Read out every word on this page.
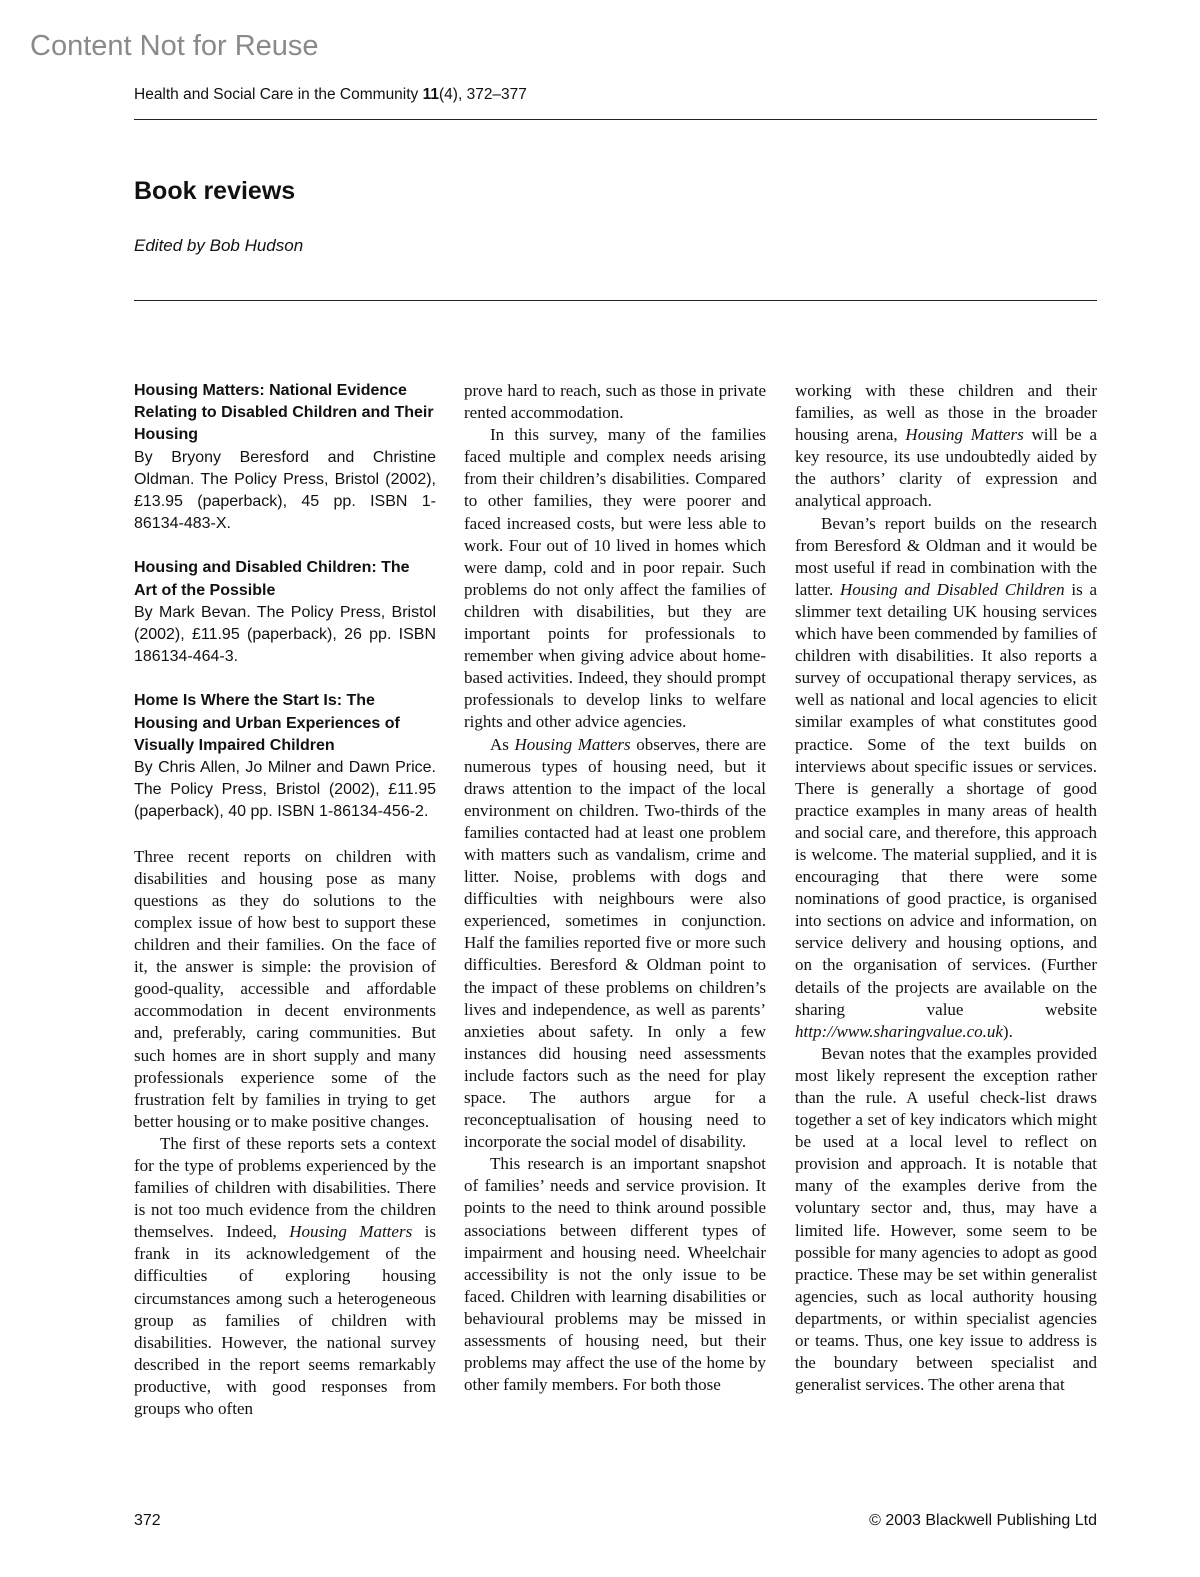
Content Not for Reuse
Health and Social Care in the Community 11(4), 372–377
Book reviews
Edited by Bob Hudson
Housing Matters: National Evidence Relating to Disabled Children and Their Housing
By Bryony Beresford and Christine Oldman. The Policy Press, Bristol (2002), £13.95 (paperback), 45 pp. ISBN 1-86134-483-X.
Housing and Disabled Children: The Art of the Possible
By Mark Bevan. The Policy Press, Bristol (2002), £11.95 (paperback), 26 pp. ISBN 186134-464-3.
Home Is Where the Start Is: The Housing and Urban Experiences of Visually Impaired Children
By Chris Allen, Jo Milner and Dawn Price. The Policy Press, Bristol (2002), £11.95 (paperback), 40 pp. ISBN 1-86134-456-2.

Three recent reports on children with disabilities and housing pose as many questions as they do solutions to the complex issue of how best to support these children and their families. On the face of it, the answer is simple: the provision of good-quality, accessible and affordable accommodation in decent environments and, preferably, caring communities. But such homes are in short supply and many professionals experience some of the frustration felt by families in trying to get better housing or to make positive changes.

The first of these reports sets a context for the type of problems experienced by the families of children with disabilities. There is not too much evidence from the children themselves. Indeed, Housing Matters is frank in its acknowledgement of the difficulties of exploring housing circumstances among such a heterogeneous group as families of children with disabilities. However, the national survey described in the report seems remarkably productive, with good responses from groups who often

prove hard to reach, such as those in private rented accommodation.

In this survey, many of the families faced multiple and complex needs arising from their children’s disabilities. Compared to other families, they were poorer and faced increased costs, but were less able to work. Four out of 10 lived in homes which were damp, cold and in poor repair. Such problems do not only affect the families of children with disabilities, but they are important points for professionals to remember when giving advice about home-based activities. Indeed, they should prompt professionals to develop links to welfare rights and other advice agencies.

As Housing Matters observes, there are numerous types of housing need, but it draws attention to the impact of the local environment on children. Two-thirds of the families contacted had at least one problem with matters such as vandalism, crime and litter. Noise, problems with dogs and difficulties with neighbours were also experienced, sometimes in conjunction. Half the families reported five or more such difficulties. Beresford & Oldman point to the impact of these problems on children’s lives and independence, as well as parents’ anxieties about safety. In only a few instances did housing need assessments include factors such as the need for play space. The authors argue for a reconceptualisation of housing need to incorporate the social model of disability.

This research is an important snapshot of families’ needs and service provision. It points to the need to think around possible associations between different types of impairment and housing need. Wheelchair accessibility is not the only issue to be faced. Children with learning disabilities or behavioural problems may be missed in assessments of housing need, but their problems may affect the use of the home by other family members. For both those

working with these children and their families, as well as those in the broader housing arena, Housing Matters will be a key resource, its use undoubtedly aided by the authors’ clarity of expression and analytical approach.

Bevan’s report builds on the research from Beresford & Oldman and it would be most useful if read in combination with the latter. Housing and Disabled Children is a slimmer text detailing UK housing services which have been commended by families of children with disabilities. It also reports a survey of occupational therapy services, as well as national and local agencies to elicit similar examples of what constitutes good practice. Some of the text builds on interviews about specific issues or services. There is generally a shortage of good practice examples in many areas of health and social care, and therefore, this approach is welcome. The material supplied, and it is encouraging that there were some nominations of good practice, is organised into sections on advice and information, on service delivery and housing options, and on the organisation of services. (Further details of the projects are available on the sharing value website http://www.sharingvalue.co.uk).

Bevan notes that the examples provided most likely represent the exception rather than the rule. A useful check-list draws together a set of key indicators which might be used at a local level to reflect on provision and approach. It is notable that many of the examples derive from the voluntary sector and, thus, may have a limited life. However, some seem to be possible for many agencies to adopt as good practice. These may be set within generalist agencies, such as local authority housing departments, or within specialist agencies or teams. Thus, one key issue to address is the boundary between specialist and generalist services. The other arena that

372	© 2003 Blackwell Publishing Ltd
